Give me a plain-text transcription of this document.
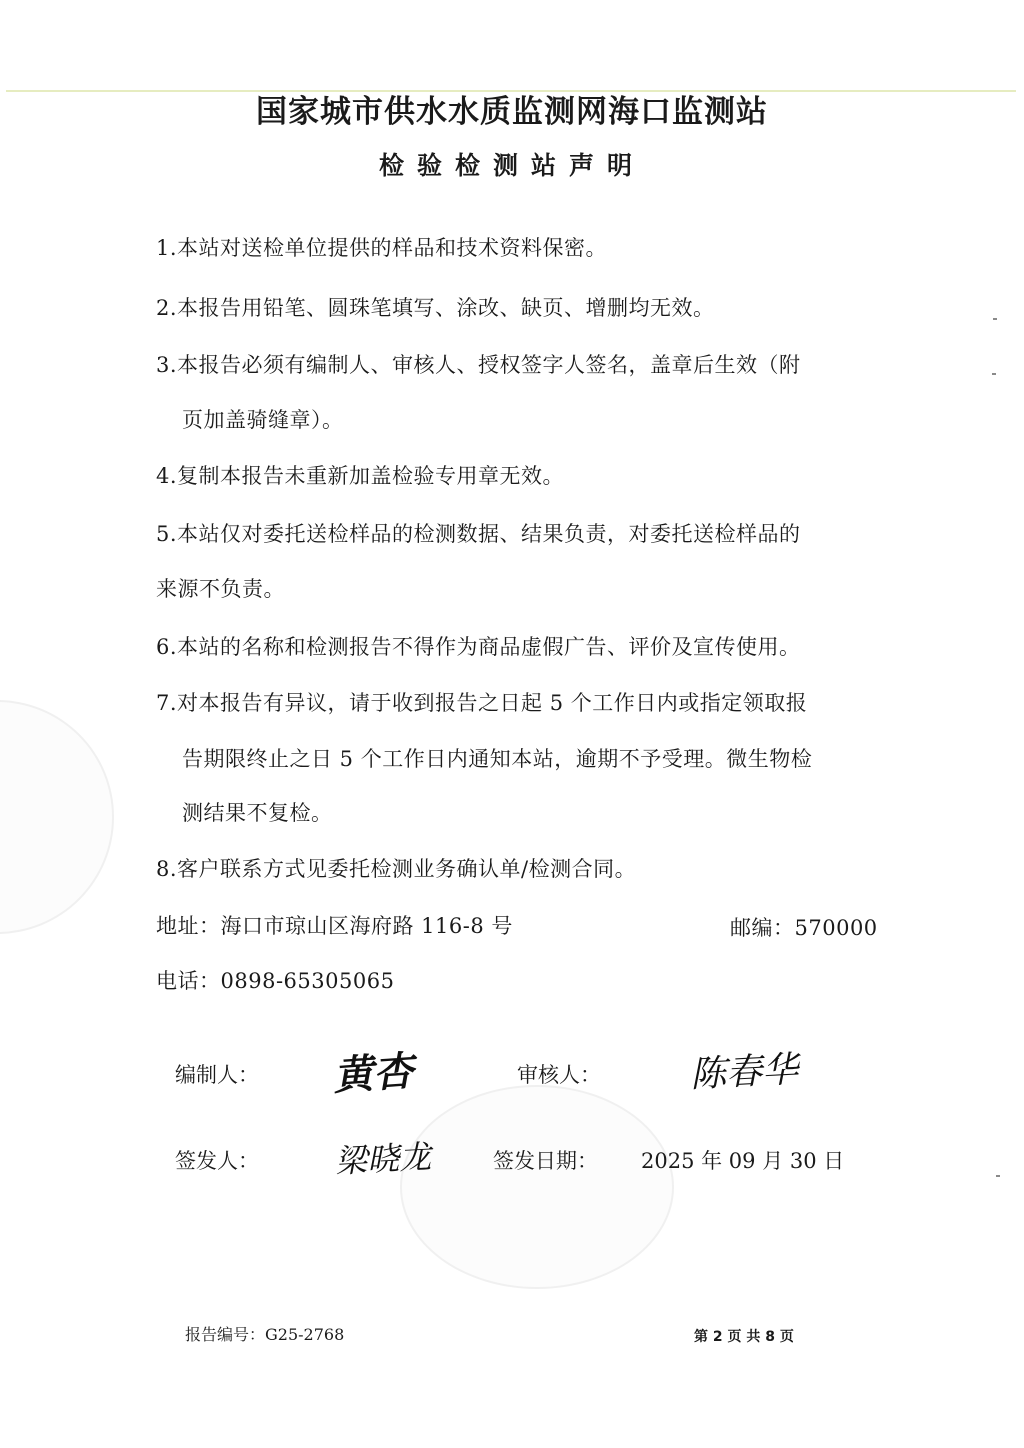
国家城市供水水质监测网海口监测站
检验检测站声明
1.本站对送检单位提供的样品和技术资料保密。
2.本报告用铅笔、圆珠笔填写、涂改、缺页、增删均无效。
3.本报告必须有编制人、审核人、授权签字人签名，盖章后生效（附
页加盖骑缝章）。
4.复制本报告未重新加盖检验专用章无效。
5.本站仅对委托送检样品的检测数据、结果负责，对委托送检样品的
来源不负责。
6.本站的名称和检测报告不得作为商品虚假广告、评价及宣传使用。
7.对本报告有异议，请于收到报告之日起 5 个工作日内或指定领取报
告期限终止之日 5 个工作日内通知本站，逾期不予受理。微生物检
测结果不复检。
8.客户联系方式见委托检测业务确认单/检测合同。
地址：海口市琼山区海府路 116-8 号	邮编：570000
电话：0898-65305065
编制人： 黄杏	审核人： 陈春华
签发人： 梁晓龙	签发日期： 2025 年 09 月 30 日
报告编号：G25-2768	第 2 页 共 8 页
